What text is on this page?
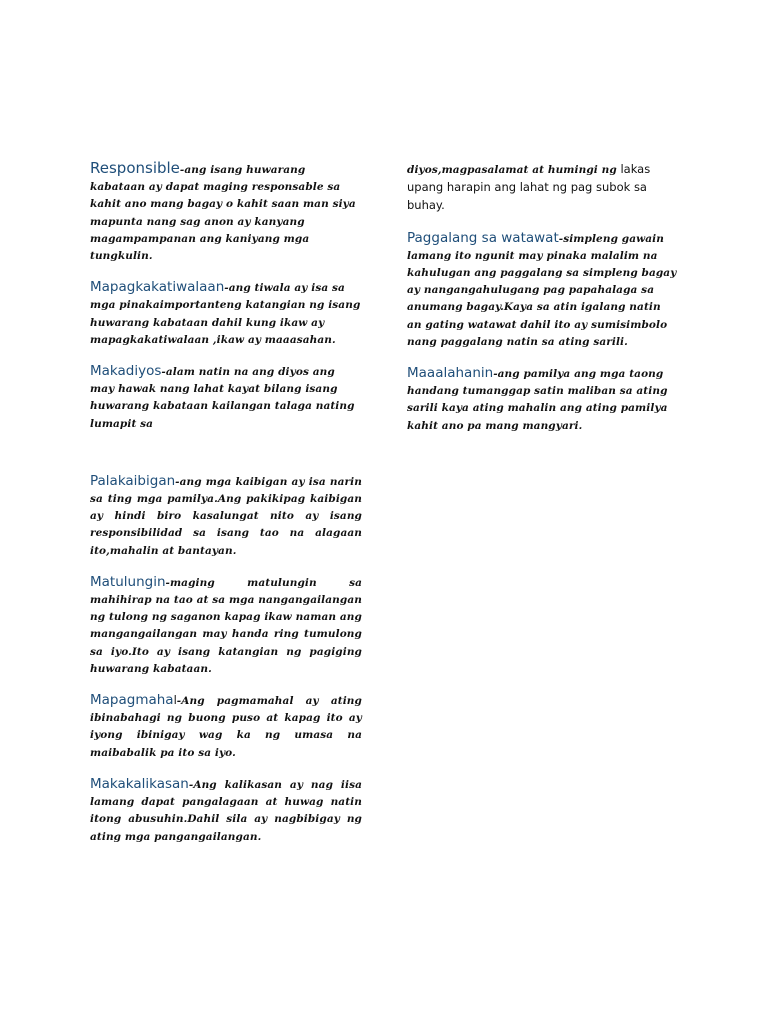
Responsible-ang isang huwarang kabataan ay dapat maging responsable sa kahit ano mang bagay o kahit saan man siya mapunta nang sag anon ay kanyang magampampanan ang kaniyang mga tungkulin.

Mapagkakatiwalaan-ang tiwala ay isa sa mga pinakaimportanteng katangian ng isang huwarang kabataan dahil kung ikaw ay mapagkakatiwalaan ,ikaw ay maaasahan.

Makadiyos-alam natin na ang diyos ang may hawak nang lahat kayat bilang isang huwarang kabataan kailangan talaga nating lumapit sa

Palakaibigan-ang mga kaibigan ay isa narin sa ting mga pamilya.Ang pakikipag kaibigan ay hindi biro kasalungat nito ay isang responsibilidad sa isang tao na alagaan ito,mahalin at bantayan.

Matulungin-maging matulungin sa mahihirap na tao at sa mga nangangailangan ng tulong ng saganon kapag ikaw naman ang mangangailangan may handa ring tumulong sa iyo.Ito ay isang katangian ng pagiging huwarang kabataan.

Mapagmahal-Ang pagmamahal ay ating ibinabahagi ng buong puso at kapag ito ay iyong ibinigay wag ka ng umasa na maibabalik pa ito sa iyo.

Makakalikasan-Ang kalikasan ay nag iisa lamang dapat pangalagaan at huwag natin itong abusuhin.Dahil sila ay nagbibigay ng ating mga pangangailangan.

diyos,magpasalamat at humingi ng lakas upang harapin ang lahat ng pag subok sa buhay.

Paggalang sa watawat-simpleng gawain lamang ito ngunit may pinaka malalim na kahulugan ang paggalang sa simpleng bagay ay nangangahulugang pag papahalaga sa anumang bagay.Kaya sa atin igalang natin an gating watawat dahil ito ay sumisimbolo nang paggalang natin sa ating sarili.

Maaalahanin-ang pamilya ang mga taong handang tumanggap satin maliban sa ating sarili kaya ating mahalin ang ating pamilya kahit ano pa mang mangyari.
